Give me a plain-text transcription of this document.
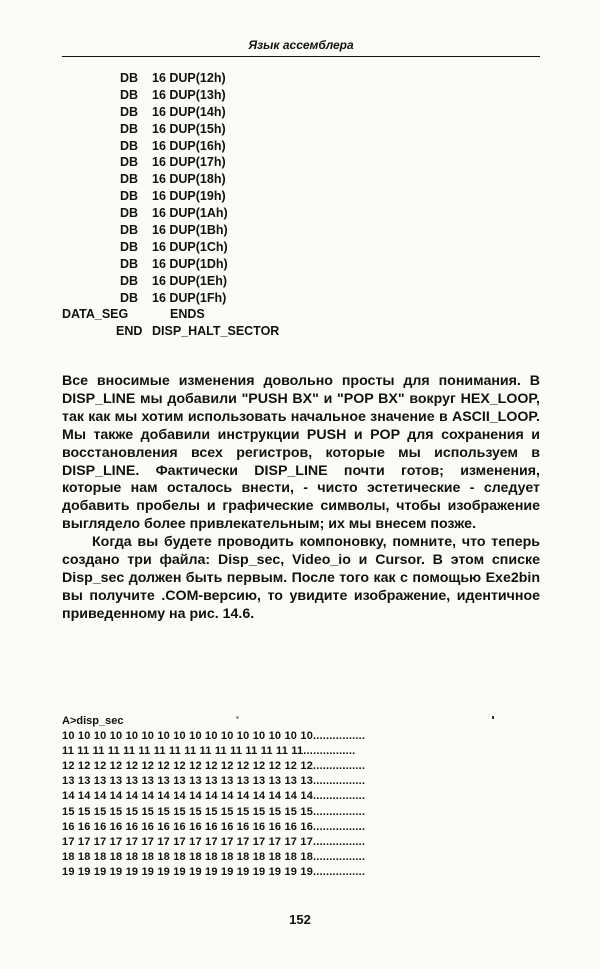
Язык ассемблера
DB 16 DUP(12h)
DB 16 DUP(13h)
DB 16 DUP(14h)
DB 16 DUP(15h)
DB 16 DUP(16h)
DB 16 DUP(17h)
DB 16 DUP(18h)
DB 16 DUP(19h)
DB 16 DUP(1Ah)
DB 16 DUP(1Bh)
DB 16 DUP(1Ch)
DB 16 DUP(1Dh)
DB 16 DUP(1Eh)
DB 16 DUP(1Fh)
DATA_SEG	ENDS
END DISP_HALT_SECTOR

Все вносимые изменения довольно просты для понимания. В DISP_LINE мы добавили "PUSH BX" и "POP BX" вокруг HEX_LOOP, так как мы хотим использовать начальное значение в ASCII_LOOP. Мы также добавили инструкции PUSH и POP для сохранения и восстановления всех регистров, которые мы используем в DISP_LINE. Фактически DISP_LINE почти готов; изменения, которые нам осталось внести, - чисто эстетические - следует добавить пробелы и графические символы, чтобы изображение выглядело более привлекательным; их мы внесем позже.

Когда вы будете проводить компоновку, помните, что теперь создано три файла: Disp_sec, Video_io и Cursor. В этом списке Disp_sec должен быть первым. После того как с помощью Exe2bin вы получите .COM-версию, то увидите изображение, идентичное приведенному на рис. 14.6.

A>disp_sec
10 10 10 10 10 10 10 10 10 10 10 10 10 10 10 10................
11 11 11 11 11 11 11 11 11 11 11 11 11 11 11 11................
12 12 12 12 12 12 12 12 12 12 12 12 12 12 12 12................
13 13 13 13 13 13 13 13 13 13 13 13 13 13 13 13................
14 14 14 14 14 14 14 14 14 14 14 14 14 14 14 14................
15 15 15 15 15 15 15 15 15 15 15 15 15 15 15 15................
16 16 16 16 16 16 16 16 16 16 16 16 16 16 16 16................
17 17 17 17 17 17 17 17 17 17 17 17 17 17 17 17................
18 18 18 18 18 18 18 18 18 18 18 18 18 18 18 18................
19 19 19 19 19 19 19 19 19 19 19 19 19 19 19 19................
152
